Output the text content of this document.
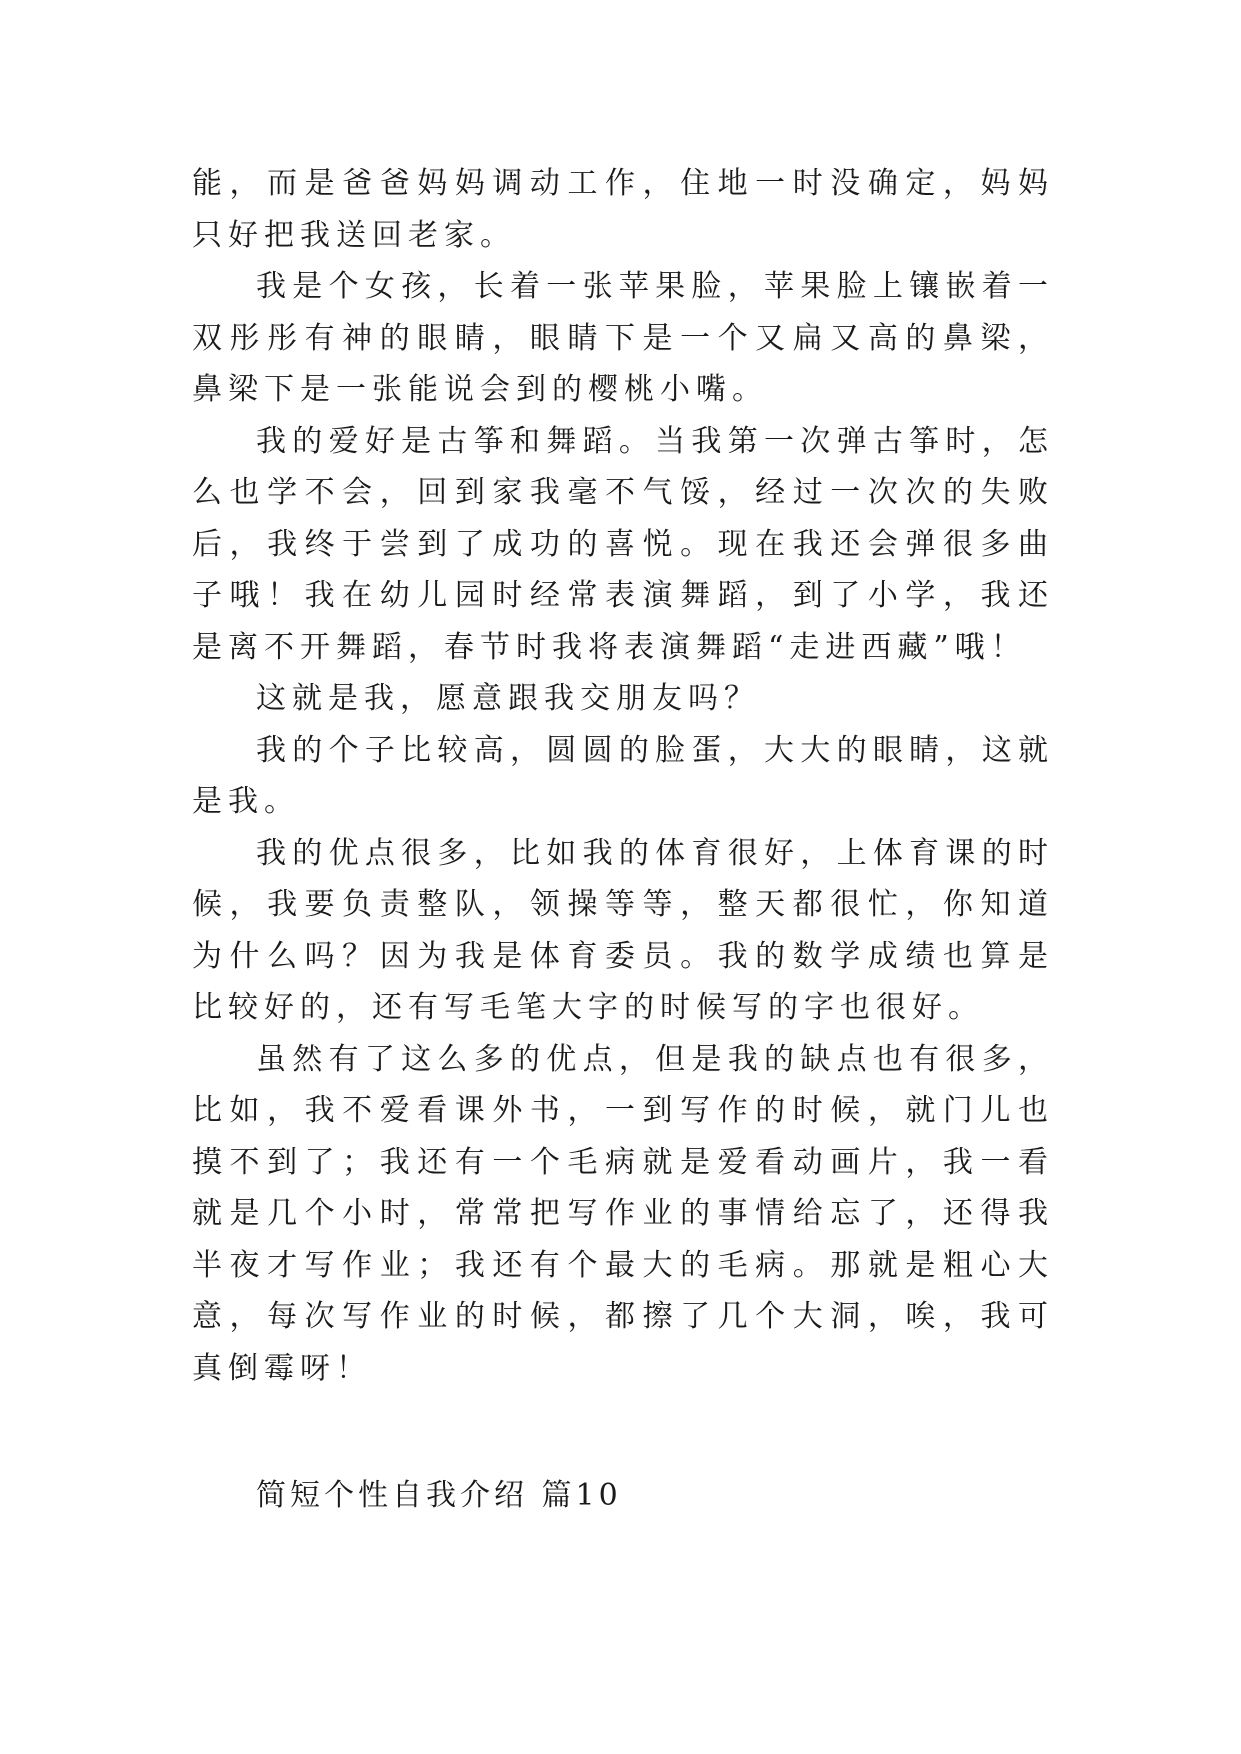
能，而是爸爸妈妈调动工作，住地一时没确定，妈妈只好把我送回老家。

我是个女孩，长着一张苹果脸，苹果脸上镶嵌着一双彤彤有神的眼睛，眼睛下是一个又扁又高的鼻梁，鼻梁下是一张能说会到的樱桃小嘴。

我的爱好是古筝和舞蹈。当我第一次弹古筝时，怎么也学不会，回到家我毫不气馁，经过一次次的失败后，我终于尝到了成功的喜悦。现在我还会弹很多曲子哦！我在幼儿园时经常表演舞蹈，到了小学，我还是离不开舞蹈，春节时我将表演舞蹈“走进西藏”哦！

这就是我，愿意跟我交朋友吗？

我的个子比较高，圆圆的脸蛋，大大的眼睛，这就是我。

我的优点很多，比如我的体育很好，上体育课的时候，我要负责整队，领操等等，整天都很忙，你知道为什么吗？因为我是体育委员。我的数学成绩也算是比较好的，还有写毛笔大字的时候写的字也很好。

虽然有了这么多的优点，但是我的缺点也有很多，比如，我不爱看课外书，一到写作的时候，就门儿也摸不到了；我还有一个毛病就是爱看动画片，我一看就是几个小时，常常把写作业的事情给忘了，还得我半夜才写作业；我还有个最大的毛病。那就是粗心大意，每次写作业的时候，都擦了几个大洞，唉，我可真倒霉呀！

简短个性自我介绍 篇10
